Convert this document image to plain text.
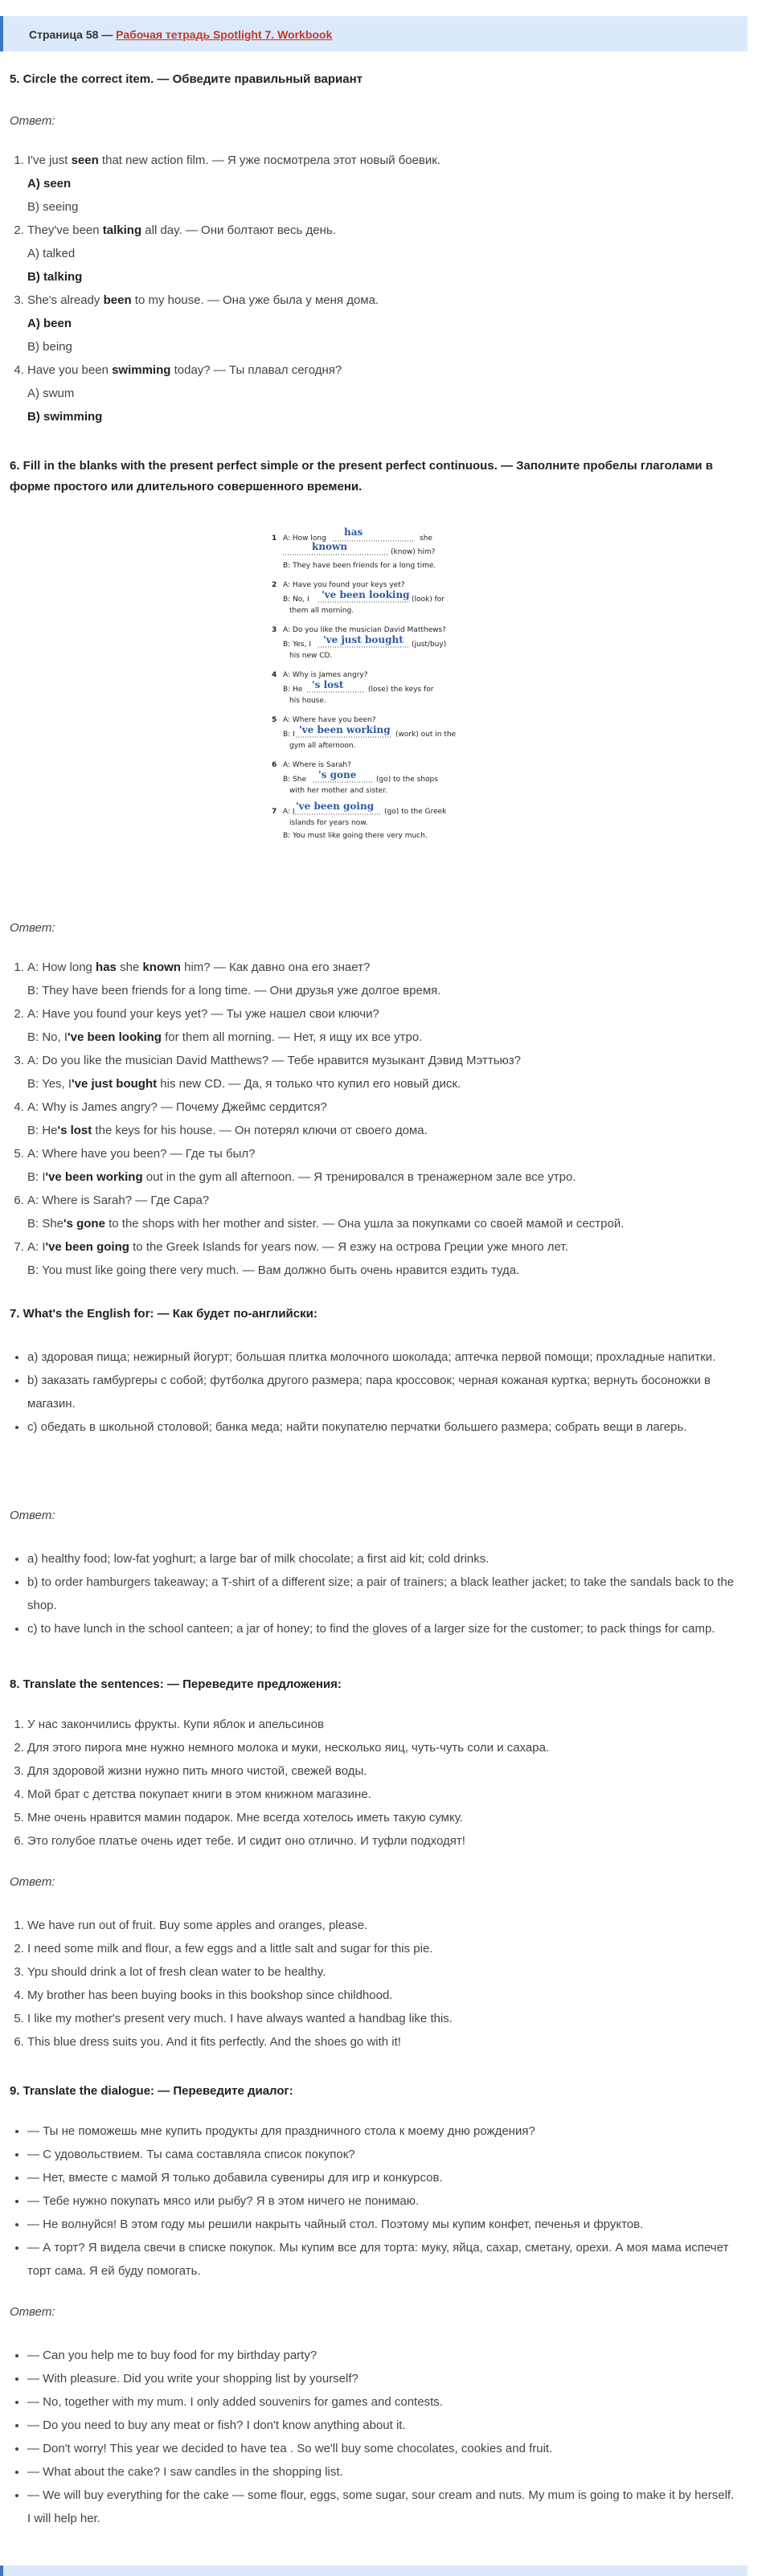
Страница 58 — Рабочая тетрадь Spotlight 7. Workbook
5. Circle the correct item. — Обведите правильный вариант
Ответ:
1. I've just seen that new action film. — Я уже посмотрела этот новый боевик.
A) seen
B) seeing
2. They've been talking all day. — Они болтают весь день.
A) talked
B) talking
3. She's already been to my house. — Она уже была у меня дома.
A) been
B) being
4. Have you been swimming today? — Ты плавал сегодня?
A) swum
B) swimming
6. Fill in the blanks with the present perfect simple or the present perfect continuous. — Заполните пробелы глаголами в форме простого или длительного совершенного времени.
1 A: How long
has
she
known	(know) him?
B: They have been friends for a long time.
2 A: Have you found your keys yet?
B: No, I 've been looking (look) for
them all morning.
3 A: Do you like the musician David Matthews?
B: Yes, I 've just bought (just/buy)
his new CD.
4 A: Why is James angry?
B: He 's lost	(lose) the keys for
his house.
5 A: Where have you been?
B: I 've been working (work) out in the
gym all afternoon.
6 A: Where is Sarah?
B: She 's gone	(go) to the shops
with her mother and sister.
7 A: I 've been going (go) to the Greek
islands for years now.
B: You must like going there very much.
Ответ:
1. A: How long has she known him? — Как давно она его знает?
B: They have been friends for a long time. — Они друзья уже долгое время.
2. A: Have you found your keys yet? — Ты уже нашел свои ключи?
B: No, I've been looking for them all morning. — Нет, я ищу их все утро.
3. A: Do you like the musician David Matthews? — Тебе нравится музыкант Дэвид Мэттьюз?
B: Yes, I've just bought his new CD. — Да, я только что купил его новый диск.
4. A: Why is James angry? — Почему Джеймс сердится?
B: He's lost the keys for his house. — Он потерял ключи от своего дома.
5. A: Where have you been? — Где ты был?
B: I've been working out in the gym all afternoon. — Я тренировался в тренажерном зале все утро.
6. A: Where is Sarah? — Где Сара?
B: She's gone to the shops with her mother and sister. — Она ушла за покупками со своей мамой и сестрой.
7. A: I've been going to the Greek Islands for years now. — Я езжу на острова Греции уже много лет.
B: You must like going there very much. — Вам должно быть очень нравится ездить туда.
7. What's the English for: — Как будет по-английски:
• a) здоровая пища; нежирный йогурт; большая плитка молочного шоколада; аптечка первой помощи; прохладные напитки.
• b) заказать гамбургеры с собой; футболка другого размера; пара кроссовок; черная кожаная куртка; вернуть босоножки в магазин.
• c) обедать в школьной столовой; банка меда; найти покупателю перчатки большего размера; собрать вещи в лагерь.
Ответ:
• a) healthy food; low-fat yoghurt; a large bar of milk chocolate; a first aid kit; cold drinks.
• b) to order hamburgers takeaway; a T-shirt of a different size; a pair of trainers; a black leather jacket; to take the sandals back to the shop.
• c) to have lunch in the school canteen; a jar of honey; to find the gloves of a larger size for the customer; to pack things for camp.
8. Translate the sentences: — Переведите предложения:
1. У нас закончились фрукты. Купи яблок и апельсинов
2. Для этого пирога мне нужно немного молока и муки, несколько яиц, чуть-чуть соли и сахара.
3. Для здоровой жизни нужно пить много чистой, свежей воды.
4. Мой брат с детства покупает книги в этом книжном магазине.
5. Мне очень нравится мамин подарок. Мне всегда хотелось иметь такую сумку.
6. Это голубое платье очень идет тебе. И сидит оно отлично. И туфли подходят!
Ответ:
1. We have run out of fruit. Buy some apples and oranges, please.
2. I need some milk and flour, a few eggs and a little salt and sugar for this pie.
3. Ypu should drink a lot of fresh clean water to be healthy.
4. My brother has been buying books in this bookshop since childhood.
5. I like my mother's present very much. I have always wanted a handbag like this.
6. This blue dress suits you. And it fits perfectly. And the shoes go with it!
9. Translate the dialogue: — Переведите диалог:
• — Ты не поможешь мне купить продукты для праздничного стола к моему дню рождения?
• — С удовольствием. Ты сама составляла список покупок?
• — Нет, вместе с мамой Я только добавила сувениры для игр и конкурсов.
• — Тебе нужно покупать мясо или рыбу? Я в этом ничего не понимаю.
• — Не волнуйся! В этом году мы решили накрыть чайный стол. Поэтому мы купим конфет, печенья и фруктов.
• — А торт? Я видела свечи в списке покупок. Мы купим все для торта: муку, яйца, сахар, сметану, орехи. А моя мама испечет торт сама. Я ей буду помогать.
Ответ:
• — Can you help me to buy food for my birthday party?
• — With pleasure. Did you write your shopping list by yourself?
• — No, together with my mum. I only added souvenirs for games and contests.
• — Do you need to buy any meat or fish? I don't know anything about it.
• — Don't worry! This year we decided to have tea . So we'll buy some chocolates, cookies and fruit.
• — What about the cake? I saw candles in the shopping list.
• — We will buy everything for the cake — some flour, eggs, some sugar, sour cream and nuts. My mum is going to make it by herself. I will help her.
